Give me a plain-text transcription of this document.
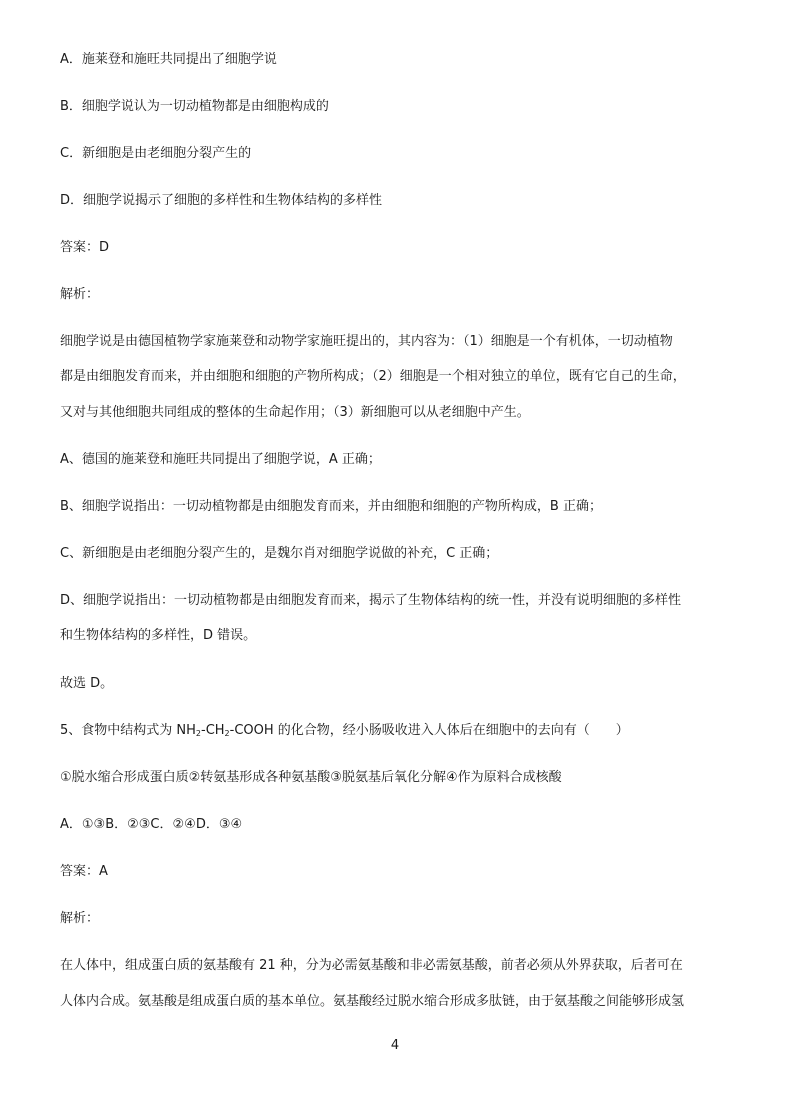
A．施莱登和施旺共同提出了细胞学说
B．细胞学说认为一切动植物都是由细胞构成的
C．新细胞是由老细胞分裂产生的
D．细胞学说揭示了细胞的多样性和生物体结构的多样性
答案：D
解析：
细胞学说是由德国植物学家施莱登和动物学家施旺提出的，其内容为：（1）细胞是一个有机体，一切动植物
都是由细胞发育而来，并由细胞和细胞的产物所构成；（2）细胞是一个相对独立的单位，既有它自己的生命，
又对与其他细胞共同组成的整体的生命起作用；（3）新细胞可以从老细胞中产生。
A、德国的施莱登和施旺共同提出了细胞学说，A 正确；
B、细胞学说指出：一切动植物都是由细胞发育而来，并由细胞和细胞的产物所构成，B 正确；
C、新细胞是由老细胞分裂产生的，是魏尔肖对细胞学说做的补充，C 正确；
D、细胞学说指出：一切动植物都是由细胞发育而来，揭示了生物体结构的统一性，并没有说明细胞的多样性
和生物体结构的多样性，D 错误。
故选 D。
5、食物中结构式为 $NH_2-CH_2$-COOH 的化合物，经小肠吸收进入人体后在细胞中的去向有（　　）
①脱水缩合形成蛋白质②转氨基形成各种氨基酸③脱氨基后氧化分解④作为原料合成核酸
A．①③B．②③C．②④D．③④
答案：A
解析：
在人体中，组成蛋白质的氨基酸有 21 种，分为必需氨基酸和非必需氨基酸，前者必须从外界获取，后者可在
人体内合成。氨基酸是组成蛋白质的基本单位。氨基酸经过脱水缩合形成多肽链，由于氨基酸之间能够形成氢
4
